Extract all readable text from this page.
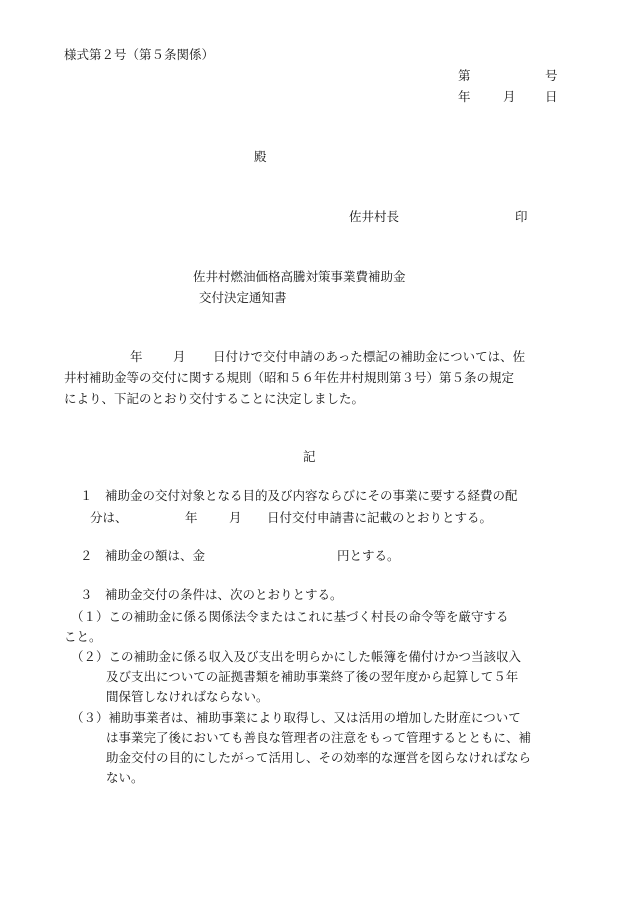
様式第２号（第５条関係）
第	号
年	月 日
殿
佐井村長	印
佐井村燃油価格高騰対策事業費補助金
交付決定通知書
年 月 日付けで交付申請のあった標記の補助金については、佐
井村補助金等の交付に関する規則（昭和５６年佐井村規則第３号）第５条の規定
により、下記のとおり交付することに決定しました。
記
１　補助金の交付対象となる目的及び内容ならびにその事業に要する経費の配
分は、	年	月 日付交付申請書に記載のとおりとする。
２　補助金の額は、金	円とする。
３　補助金交付の条件は、次のとおりとする。
（１）この補助金に係る関係法令またはこれに基づく村長の命令等を厳守する
こと。
（２）この補助金に係る収入及び支出を明らかにした帳簿を備付けかつ当該収入
及び支出についての証拠書類を補助事業終了後の翌年度から起算して５年
間保管しなければならない。
（３）補助事業者は、補助事業により取得し、又は活用の増加した財産について
は事業完了後においても善良な管理者の注意をもって管理するとともに、補
助金交付の目的にしたがって活用し、その効率的な運営を図らなければなら
ない。
